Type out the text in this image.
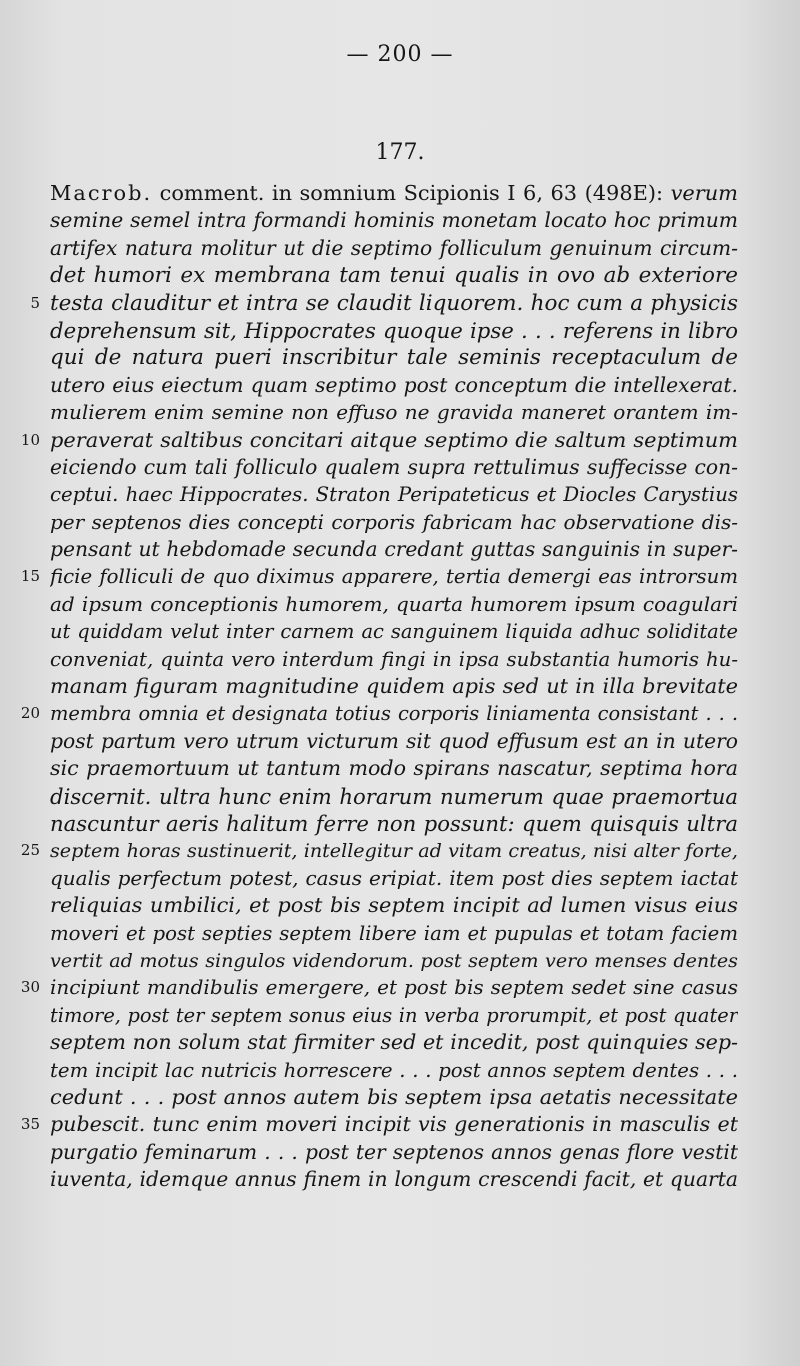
— 200 —
177.
Macrob. comment. in somnium Scipionis I 6, 63 (498E): verum
semine semel intra formandi hominis monetam locato hoc primum
artifex natura molitur ut die septimo folliculum genuinum circum-
det humori ex membrana tam tenui qualis in ovo ab exteriore
5 testa clauditur et intra se claudit liquorem. hoc cum a physicis
deprehensum sit, Hippocrates quoque ipse . . . referens in libro
qui de natura pueri inscribitur tale seminis receptaculum de
utero eius eiectum quam septimo post conceptum die intellexerat.
mulierem enim semine non effuso ne gravida maneret orantem im-
10 peraverat saltibus concitari aitque septimo die saltum septimum
eiciendo cum tali folliculo qualem supra rettulimus suffecisse con-
ceptui. haec Hippocrates. Straton Peripateticus et Diocles Carystius
per septenos dies concepti corporis fabricam hac observatione dis-
pensant ut hebdomade secunda credant guttas sanguinis in super-
15 ficie folliculi de quo diximus apparere, tertia demergi eas introrsum
ad ipsum conceptionis humorem, quarta humorem ipsum coagulari
ut quiddam velut inter carnem ac sanguinem liquida adhuc soliditate
conveniat, quinta vero interdum fingi in ipsa substantia humoris hu-
manam figuram magnitudine quidem apis sed ut in illa brevitate
20 membra omnia et designata totius corporis liniamenta consistant . . .
post partum vero utrum victurum sit quod effusum est an in utero
sic praemortuum ut tantum modo spirans nascatur, septima hora
discernit. ultra hunc enim horarum numerum quae praemortua
nascuntur aeris halitum ferre non possunt: quem quisquis ultra
25 septem horas sustinuerit, intellegitur ad vitam creatus, nisi alter forte,
qualis perfectum potest, casus eripiat. item post dies septem iactat
reliquias umbilici, et post bis septem incipit ad lumen visus eius
moveri et post septies septem libere iam et pupulas et totam faciem
vertit ad motus singulos videndorum. post septem vero menses dentes
30 incipiunt mandibulis emergere, et post bis septem sedet sine casus
timore, post ter septem sonus eius in verba prorumpit, et post quater
septem non solum stat firmiter sed et incedit, post quinquies sep-
tem incipit lac nutricis horrescere . . . post annos septem dentes . . .
cedunt . . . post annos autem bis septem ipsa aetatis necessitate
35 pubescit. tunc enim moveri incipit vis generationis in masculis et
purgatio feminarum . . . post ter septenos annos genas flore vestit
iuventa, idemque annus finem in longum crescendi facit, et quarta
